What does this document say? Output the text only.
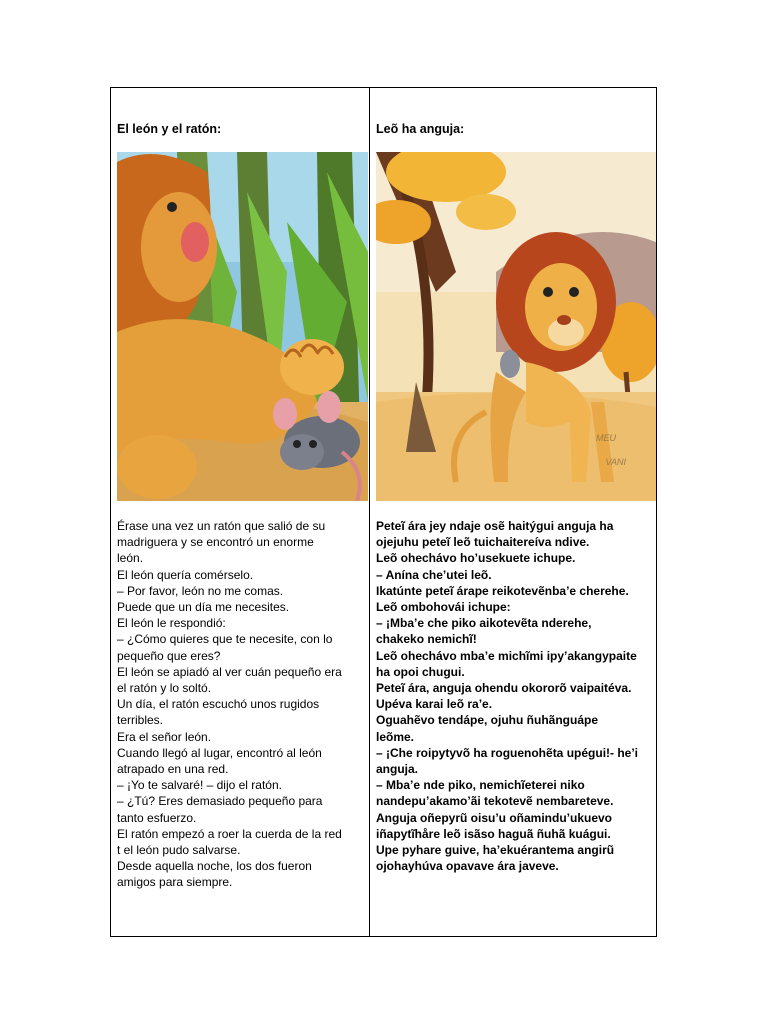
El león y el ratón:
Érase una vez un ratón que salió de su
madriguera y se encontró un enorme
león.
El león quería comérselo.
– Por favor, león no me comas.
Puede que un día me necesites.
El león le respondió:
– ¿Cómo quieres que te necesite, con lo
pequeño que eres?
El león se apiadó al ver cuán pequeño era
el ratón y lo soltó.
Un día, el ratón escuchó unos rugidos
terribles.
Era el señor león.
Cuando llegó al lugar, encontró al león
atrapado en una red.
– ¡Yo te salvaré! – dijo el ratón.
– ¿Tú? Eres demasiado pequeño para
tanto esfuerzo.
El ratón empezó a roer la cuerda de la red
t el león pudo salvarse.
Desde aquella noche, los dos fueron
amigos para siempre.
Leõ ha anguja:
MEU
VANI
Peteĩ ára jey ndaje osẽ haitýgui anguja ha
ojejuhu peteĩ leõ tuichaitereíva ndive.
Leõ ohechávo ho’usekuete ichupe.
– Anína che’utei leõ.
Ikatúnte peteĩ árape reikotevẽnba’e cherehe.
Leõ ombohovái ichupe:
– ¡Mba’e che piko aikotevẽta nderehe,
chakeko nemichĩ!
Leõ ohechávo mba’e michĩmi ipy’akangypaite
ha opoi chugui.
Peteĩ ára, anguja ohendu okororõ vaipaitéva.
Upéva karai leõ ra’e.
Oguahẽvo tendápe, ojuhu ñuhãnguápe
leõme.
– ¡Che roipytyvõ ha roguenohẽta upégui!- he’i
anguja.
– Mba’e nde piko, nemichĩeterei niko
nandepu’akamo’ãi tekotevẽ nembareteve.
Anguja oñepyrũ oisu’u oñamindu’ukuevo
iñapytĩhåre leõ isãso haguã ñuhã kuágui.
Upe pyhare guive, ha’ekuérantema angirũ
ojohayhúva opavave ára javeve.
